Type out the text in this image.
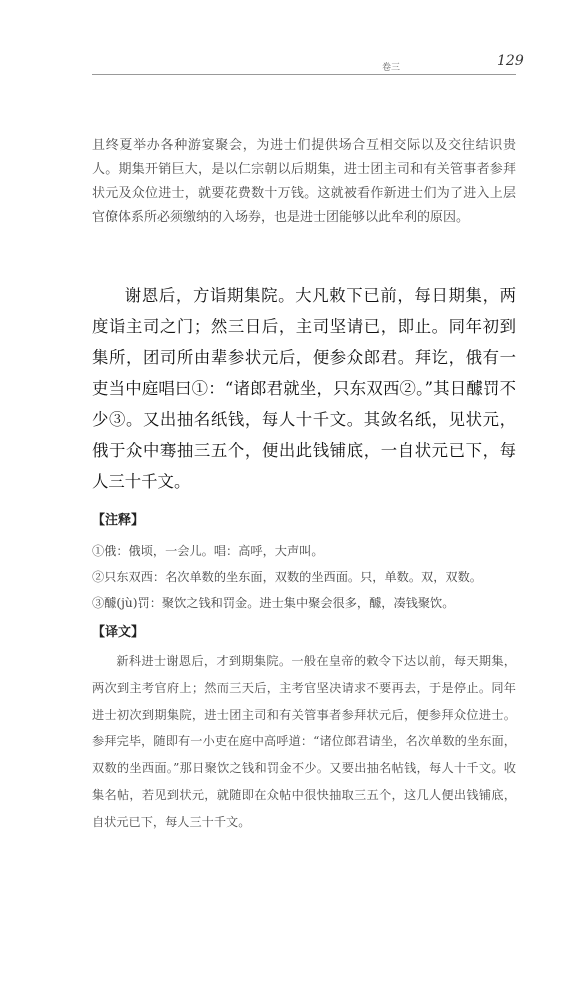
卷三	129

且终夏举办各种游宴聚会，为进士们提供场合互相交际以及交往结识贵人。期集开销巨大，是以仁宗朝以后期集，进士团主司和有关管事者参拜状元及众位进士，就要花费数十万钱。这就被看作新进士们为了进入上层官僚体系所必须缴纳的入场券，也是进士团能够以此牟利的原因。

谢恩后，方诣期集院。大凡敕下已前，每日期集，两度诣主司之门；然三日后，主司坚请已，即止。同年初到集所，团司所由辈参状元后，便参众郎君。拜讫，俄有一吏当中庭唱曰①：“诸郎君就坐，只东双西②。”其日醵罚不少③。又出抽名纸钱，每人十千文。其敛名纸，见状元，俄于众中骞抽三五个，便出此钱铺底，一自状元已下，每人三十千文。

【注释】
①俄：俄顷，一会儿。唱：高呼，大声叫。
②只东双西：名次单数的坐东面，双数的坐西面。只，单数。双，双数。
③醵(jù)罚：聚饮之钱和罚金。进士集中聚会很多，醵，凑钱聚饮。
【译文】

新科进士谢恩后，才到期集院。一般在皇帝的敕令下达以前，每天期集，两次到主考官府上；然而三天后，主考官坚决请求不要再去，于是停止。同年进士初次到期集院，进士团主司和有关管事者参拜状元后，便参拜众位进士。参拜完毕，随即有一小吏在庭中高呼道：“诸位郎君请坐，名次单数的坐东面，双数的坐西面。”那日聚饮之钱和罚金不少。又要出抽名帖钱，每人十千文。收集名帖，若见到状元，就随即在众帖中很快抽取三五个，这几人便出钱铺底，自状元已下，每人三十千文。
